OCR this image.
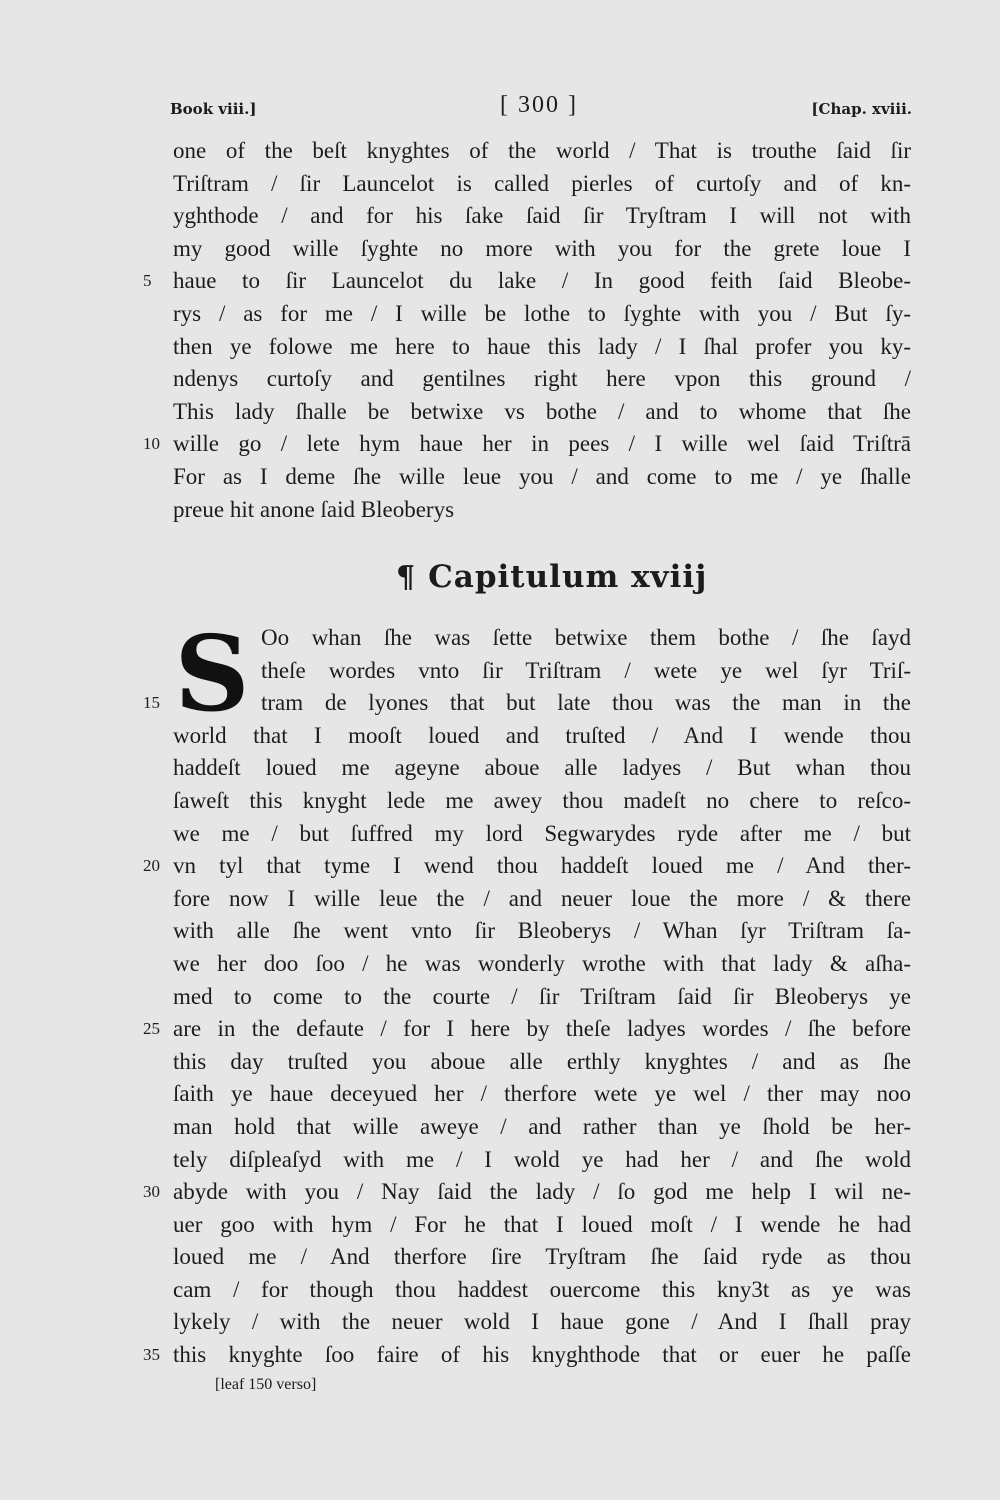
Book viii.]	[ 300 ]	[Chap. xviii.
one of the beſt knyghtes of the world / That is trouthe ſaid ſir
Triſtram / ſir Launcelot is called pierles of curtoſy and of kn-
yghthode / and for his ſake ſaid ſir Tryſtram I will not with
my good wille ſyghte no more with you for the grete loue I
5 haue to ſir Launcelot du lake / In good feith ſaid Bleobe-
rys / as for me / I wille be lothe to ſyghte with you / But ſy-
then ye folowe me here to haue this lady / I ſhal profer you ky-
ndenys curtoſy and gentilnes right here vpon this ground /
This lady ſhalle be betwixe vs bothe / and to whome that ſhe
10 wille go / lete hym haue her in pees / I wille wel ſaid Triſtrā
For as I deme ſhe wille leue you / and come to me / ye ſhalle
preue hit anone ſaid Bleoberys
¶ Capitulum xviij
S Oo whan ſhe was ſette betwixe them bothe / ſhe ſayd
theſe wordes vnto ſir Triſtram / wete ye wel ſyr Triſ-
15	tram de lyones that but late thou was the man in the
world that I mooſt loued and truſted / And I wende thou
haddeſt loued me ageyne aboue alle ladyes / But whan thou
ſaweſt this knyght lede me awey thou madeſt no chere to reſco-
we me / but ſuffred my lord Segwarydes ryde after me / but
20 vn tyl that tyme I wend thou haddeſt loued me / And ther-
fore now I wille leue the / and neuer loue the more / & there
with alle ſhe went vnto ſir Bleoberys / Whan ſyr Triſtram ſa-
we her doo ſoo / he was wonderly wrothe with that lady & aſha-
med to come to the courte / ſir Triſtram ſaid ſir Bleoberys ye
25 are in the defaute / for I here by theſe ladyes wordes / ſhe before
this day truſted you aboue alle erthly knyghtes / and as ſhe
ſaith ye haue deceyued her / therfore wete ye wel / ther may noo
man hold that wille aweye / and rather than ye ſhold be her-
tely diſpleaſyd with me / I wold ye had her / and ſhe wold
30 abyde with you / Nay ſaid the lady / ſo god me help I wil ne-
uer goo with hym / For he that I loued moſt / I wende he had
loued me / And therfore ſire Tryſtram ſhe ſaid ryde as thou
cam / for though thou haddest ouercome this kny3t as ye was
lykely / with the neuer wold I haue gone / And I ſhall pray
35 this knyghte ſoo faire of his knyghthode that or euer he paſſe
[leaf 150 verso]
